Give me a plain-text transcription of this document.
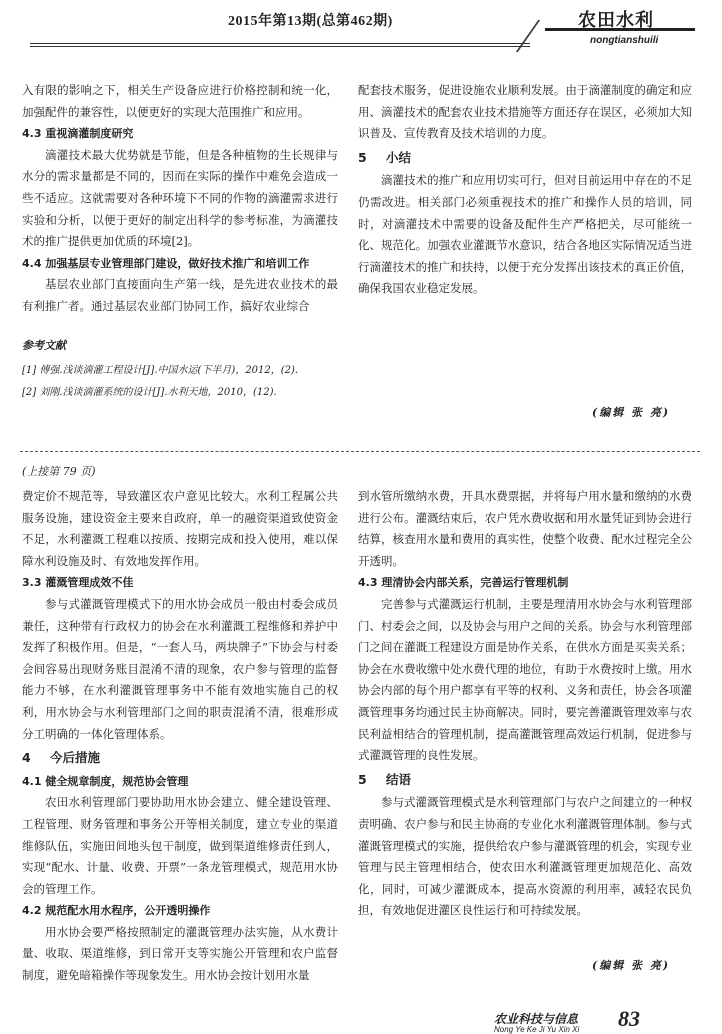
2015年第13期(总第462期)	农田水利
nongtianshuili

入有限的影响之下，相关生产设备应进行价格控制和统一化，加强配件的兼容性，以便更好的实现大范围推广和应用。

4.3 重视滴灌制度研究

滴灌技术最大优势就是节能，但是各种植物的生长规律与水分的需求量都是不同的，因而在实际的操作中难免会造成一些不适应。这就需要对各种环境下不同的作物的滴灌需求进行实验和分析，以便于更好的制定出科学的参考标准，为滴灌技术的推广提供更加优质的环境[2]。

4.4 加强基层专业管理部门建设，做好技术推广和培训工作

基层农业部门直接面向生产第一线，是先进农业技术的最有利推广者。通过基层农业部门协同工作，搞好农业综合

配套技术服务，促进设施农业顺利发展。由于滴灌制度的确定和应用、滴灌技术的配套农业技术措施等方面还存在误区，必须加大知识普及、宣传教育及技术培训的力度。

5 小结

滴灌技术的推广和应用切实可行，但对目前运用中存在的不足仍需改进。相关部门必须重视技术的推广和操作人员的培训，同时，对滴灌技术中需要的设备及配件生产严格把关，尽可能统一化、规范化。加强农业灌溉节水意识，结合各地区实际情况适当进行滴灌技术的推广和扶持，以便于充分发挥出该技术的真正价值，确保我国农业稳定发展。

参考文献
[1] 傅强.浅谈滴灌工程设计[J].中国水运(下半月)，2012，(2).
[2] 刘刚.浅谈滴灌系统的设计[J].水利天地，2010，(12).
(编辑 张 亮)
(上接第 79 页)

费定价不规范等，导致灌区农户意见比较大。水利工程属公共服务设施，建设资金主要来自政府，单一的融资渠道致使资金不足，水利灌溉工程难以按质、按期完成和投入使用，难以保障水利设施及时、有效地发挥作用。

3.3 灌溉管理成效不佳

参与式灌溉管理模式下的用水协会成员一般由村委会成员兼任，这种带有行政权力的协会在水利灌溉工程维修和养护中发挥了积极作用。但是，“一套人马，两块牌子”下协会与村委会间容易出现财务账目混淆不清的现象，农户参与管理的监督能力不够，在水利灌溉管理事务中不能有效地实施自己的权利，用水协会与水利管理部门之间的职责混淆不清，很难形成分工明确的一体化管理体系。

4 今后措施

4.1 健全规章制度，规范协会管理

农田水利管理部门要协助用水协会建立、健全建设管理、工程管理、财务管理和事务公开等相关制度，建立专业的渠道维修队伍，实施田间地头包干制度，做到渠道维修责任到人，实现“配水、计量、收费、开票”一条龙管理模式，规范用水协会的管理工作。

4.2 规范配水用水程序，公开透明操作

用水协会要严格按照制定的灌溉管理办法实施，从水费计量、收取、渠道维修，到日常开支等实施公开管理和农户监督制度，避免暗箱操作等现象发生。用水协会按计划用水量

到水管所缴纳水费，开具水费票据，并将每户用水量和缴纳的水费进行公布。灌溉结束后，农户凭水费收据和用水量凭证到协会进行结算，核查用水量和费用的真实性，使整个收费、配水过程完全公开透明。

4.3 理清协会内部关系，完善运行管理机制

完善参与式灌溉运行机制，主要是理清用水协会与水利管理部门、村委会之间，以及协会与用户之间的关系。协会与水利管理部门之间在灌溉工程建设方面是协作关系，在供水方面是买卖关系；协会在水费收缴中处水费代理的地位，有助于水费按时上缴。用水协会内部的每个用户都享有平等的权利、义务和责任，协会各项灌溉管理事务均通过民主协商解决。同时，要完善灌溉管理效率与农民利益相结合的管理机制，提高灌溉管理高效运行机制，促进参与式灌溉管理的良性发展。

5 结语

参与式灌溉管理模式是水利管理部门与农户之间建立的一种权责明确、农户参与和民主协商的专业化水利灌溉管理体制。参与式灌溉管理模式的实施，提供给农户参与灌溉管理的机会，实现专业管理与民主管理相结合，使农田水利灌溉管理更加规范化、高效化，同时，可减少灌溉成本，提高水资源的利用率，减轻农民负担，有效地促进灌区良性运行和可持续发展。

(编辑 张 亮)
农业科技与信息
Nong Ye Ke Ji Yu Xin Xi 83
